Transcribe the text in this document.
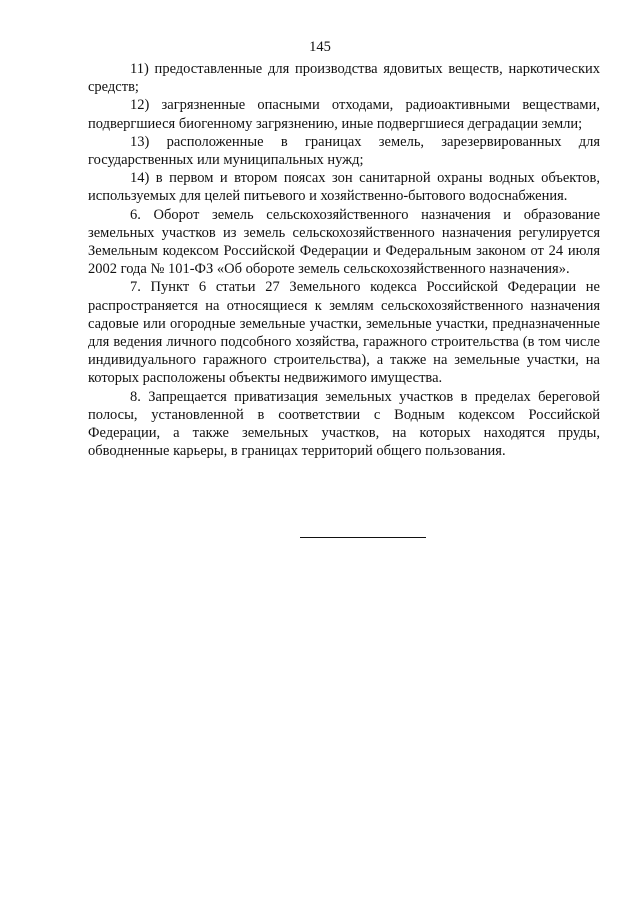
145

11) предоставленные для производства ядовитых веществ, наркотических средств;

12) загрязненные опасными отходами, радиоактивными веществами, подвергшиеся биогенному загрязнению, иные подвергшиеся деградации земли;

13) расположенные в границах земель, зарезервированных для государственных или муниципальных нужд;

14) в первом и втором поясах зон санитарной охраны водных объектов, используемых для целей питьевого и хозяйственно-бытового водоснабжения.

6. Оборот земель сельскохозяйственного назначения и образование земельных участков из земель сельскохозяйственного назначения регулируется Земельным кодексом Российской Федерации и Федеральным законом от 24 июля 2002 года № 101-ФЗ «Об обороте земель сельскохозяйственного назначения».

7. Пункт 6 статьи 27 Земельного кодекса Российской Федерации не распространяется на относящиеся к землям сельскохозяйственного назначения садовые или огородные земельные участки, земельные участки, предназначенные для ведения личного подсобного хозяйства, гаражного строительства (в том числе индивидуального гаражного строительства), а также на земельные участки, на которых расположены объекты недвижимого имущества.

8. Запрещается приватизация земельных участков в пределах береговой полосы, установленной в соответствии с Водным кодексом Российской Федерации, а также земельных участков, на которых находятся пруды, обводненные карьеры, в границах территорий общего пользования.
